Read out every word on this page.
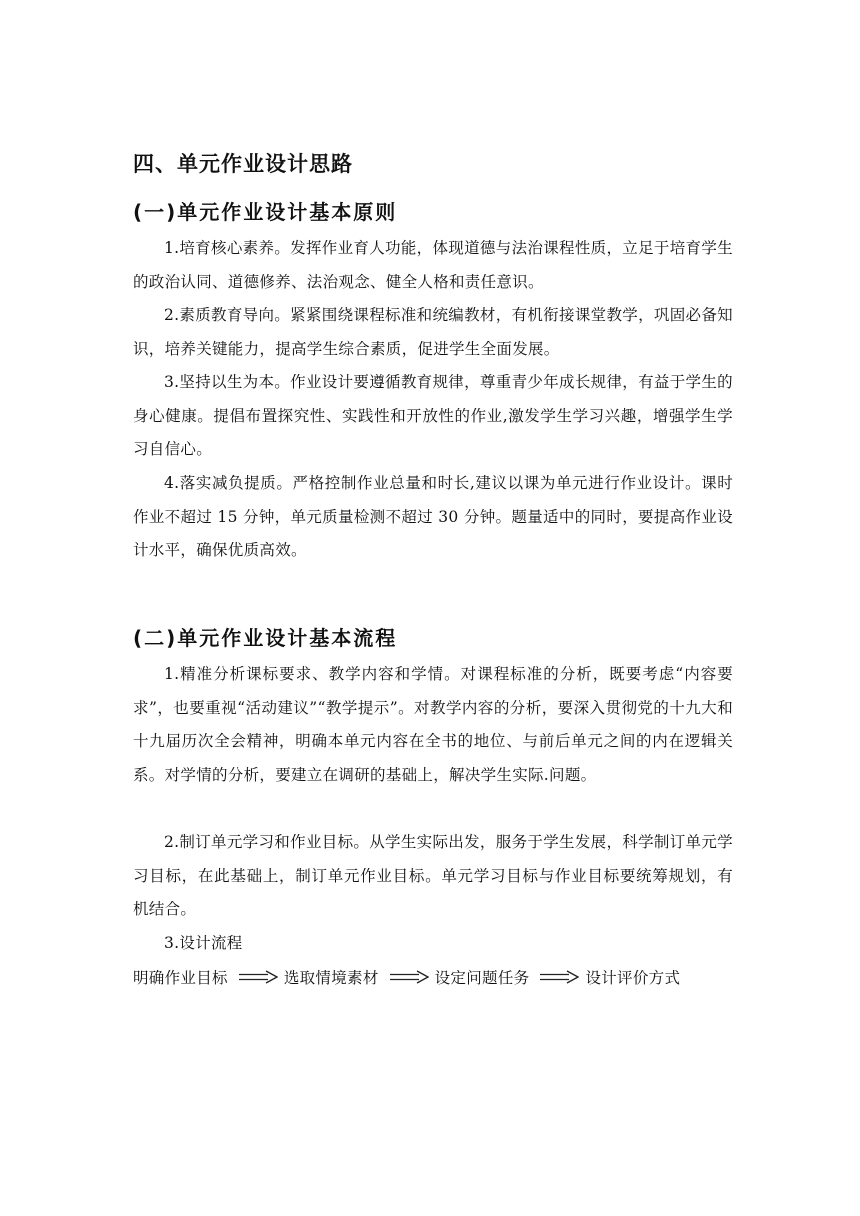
四、单元作业设计思路
(一)单元作业设计基本原则
1.培育核心素养。发挥作业育人功能，体现道德与法治课程性质，立足于培育学生的政治认同、道德修养、法治观念、健全人格和责任意识。
2.素质教育导向。紧紧围绕课程标准和统编教材，有机衔接课堂教学，巩固必备知识，培养关键能力，提高学生综合素质，促进学生全面发展。
3.坚持以生为本。作业设计要遵循教育规律，尊重青少年成长规律，有益于学生的身心健康。提倡布置探究性、实践性和开放性的作业,激发学生学习兴趣，增强学生学习自信心。
4.落实减负提质。严格控制作业总量和时长,建议以课为单元进行作业设计。课时作业不超过 15 分钟，单元质量检测不超过 30 分钟。题量适中的同时，要提高作业设计水平，确保优质高效。
(二)单元作业设计基本流程
1.精准分析课标要求、教学内容和学情。对课程标准的分析，既要考虑“内容要求”，也要重视“活动建议”“教学提示”。对教学内容的分析，要深入贯彻党的十九大和十九届历次全会精神，明确本单元内容在全书的地位、与前后单元之间的内在逻辑关系。对学情的分析，要建立在调研的基础上，解决学生实际.问题。
2.制订单元学习和作业目标。从学生实际出发，服务于学生发展，科学制订单元学习目标，在此基础上，制订单元作业目标。单元学习目标与作业目标要统筹规划，有机结合。
3.设计流程
明确作业目标	选取情境素材	设定问题任务	设计评价方式
